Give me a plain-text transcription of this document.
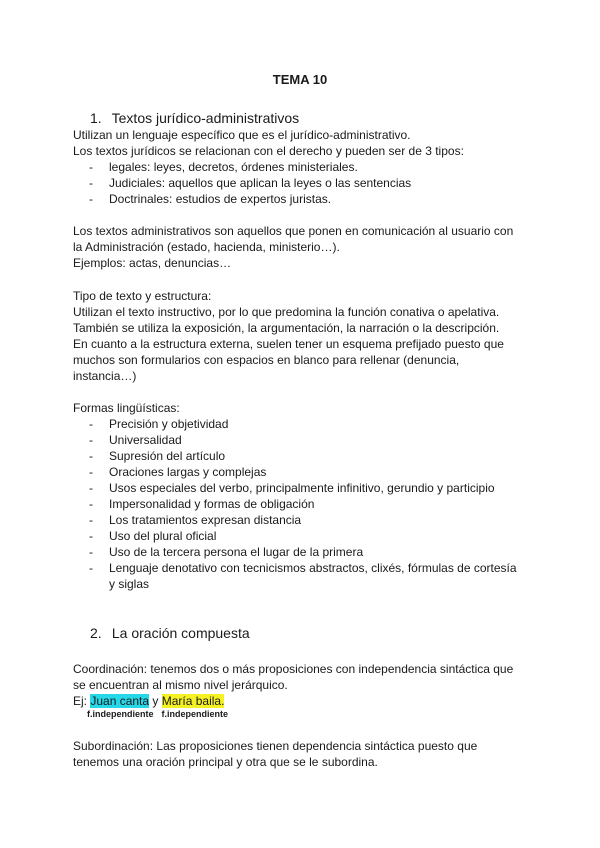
TEMA 10
1. Textos jurídico-administrativos

Utilizan un lenguaje específico que es el jurídico-administrativo.

Los textos jurídicos se relacionan con el derecho y pueden ser de 3 tipos:

- legales: leyes, decretos, órdenes ministeriales.
- Judiciales: aquellos que aplican la leyes o las sentencias
- Doctrinales: estudios de expertos juristas.

Los textos administrativos son aquellos que ponen en comunicación al usuario con

la Administración (estado, hacienda, ministerio…).

Ejemplos: actas, denuncias…

Tipo de texto y estructura:

Utilizan el texto instructivo, por lo que predomina la función conativa o apelativa.

También se utiliza la exposición, la argumentación, la narración o la descripción.

En cuanto a la estructura externa, suelen tener un esquema prefijado puesto que

muchos son formularios con espacios en blanco para rellenar (denuncia,

instancia…)

Formas lingüísticas:

- Precisión y objetividad
- Universalidad
- Supresión del artículo
- Oraciones largas y complejas
- Usos especiales del verbo, principalmente infinitivo, gerundio y participio
- Impersonalidad y formas de obligación
- Los tratamientos expresan distancia
- Uso del plural oficial
- Uso de la tercera persona el lugar de la primera
- Lenguaje denotativo con tecnicismos abstractos, clixés, fórmulas de cortesía

y siglas

2. La oración compuesta

Coordinación: tenemos dos o más proposiciones con independencia sintáctica que

se encuentran al mismo nivel jerárquico.

Ej: Juan canta y María baila.

f.independiente f.independiente

Subordinación: Las proposiciones tienen dependencia sintáctica puesto que

tenemos una oración principal y otra que se le subordina.
